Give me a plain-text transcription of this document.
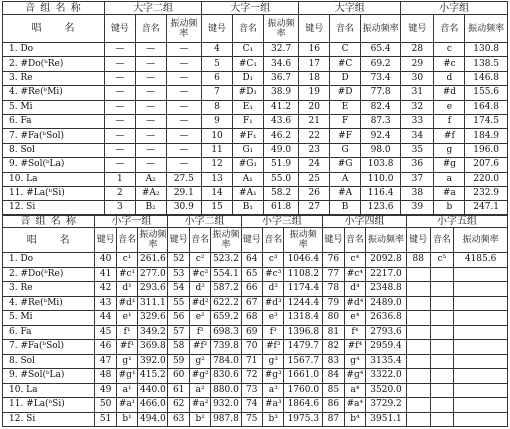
音 组 名 称	大字二组			大字一组			大字组			小字组		
唱　　名	键号	音名	振动频率	键号	音名	振动频率	键号	音名	振动频率	键号	音名	振动频率
1. Do	—	—	—	4	C₁	32.7	16	C	65.4	28	c	130.8
2. #Do(ᵇRe)	—	—	—	5	#C₁	34.6	17	#C	69.2	29	#c	138.5
3. Re	—	—	—	6	D₁	36.7	18	D	73.4	30	d	146.8
4. #Re(ᵇMi)	—	—	—	7	#D₁	38.9	19	#D	77.8	31	#d	155.6
5. Mi	—	—	—	8	E₁	41.2	20	E	82.4	32	e	164.8
6. Fa	—	—	—	9	F₁	43.6	21	F	87.3	33	f	174.5
7. #Fa(ᵇSol)	—	—	—	10	#F₁	46.2	22	#F	92.4	34	#f	184.9
8. Sol	—	—	—	11	G₁	49.0	23	G	98.0	35	g	196.0
9. #Sol(ᵇLa)	—	—	—	12	#G₁	51.9	24	#G	103.8	36	#g	207.6
10. La	1	A₂	27.5	13	A₁	55.0	25	A	110.0	37	a	220.0
11. #La(ᵇSi)	2	#A₂	29.1	14	#A₁	58.2	26	#A	116.4	38	#a	232.9
12. Si	3	B₂	30.9	15	B₁	61.8	27	B	123.6	39	b	247.1
音 组 名 称	小字一组			小字二组			小字三组			小字四组			小字五组		
唱　　名	键号	音名	振动频率	键号	音名	振动频率	键号	音名	振动频率	键号	音名	振动频率	键号	音名	振动频率
1. Do	40	c¹	261.6	52	c²	523.2	64	c³	1046.4	76	c⁴	2092.8	88	c⁵	4185.6
2. #Do(ᵇRe)	41	#c¹	277.0	53	#c²	554.1	65	#c³	1108.2	77	#c⁴	2217.0			
3. Re	42	d¹	293.6	54	d²	587.2	66	d³	1174.4	78	d⁴	2348.8			
4. #Re(ᵇMi)	43	#d¹	311.1	55	#d²	622.2	67	#d³	1244.4	79	#d⁴	2489.0			
5. Mi	44	e¹	329.6	56	e²	659.2	68	e³	1318.4	80	e⁴	2636.8			
6. Fa	45	f¹	349.2	57	f²	698.3	69	f³	1396.8	81	f⁴	2793.6			
7. #Fa(ᵇSol)	46	#f¹	369.8	58	#f²	739.8	70	#f³	1479.7	82	#f⁴	2959.4			
8. Sol	47	g¹	392.0	59	g²	784.0	71	g³	1567.7	83	g⁴	3135.4			
9. #Sol(ᵇLa)	48	#g¹	415.2	60	#g²	830.6	72	#g³	1661.0	84	#g⁴	3322.0			
10. La	49	a¹	440.0	61	a²	880.0	73	a³	1760.0	85	a⁴	3520.0			
11. #La(ᵇSi)	50	#a¹	466.0	62	#a²	932.0	74	#a³	1864.6	86	#a⁴	3729.2			
12. Si	51	b¹	494.0	63	b²	987.8	75	b³	1975.3	87	b⁴	3951.1			
